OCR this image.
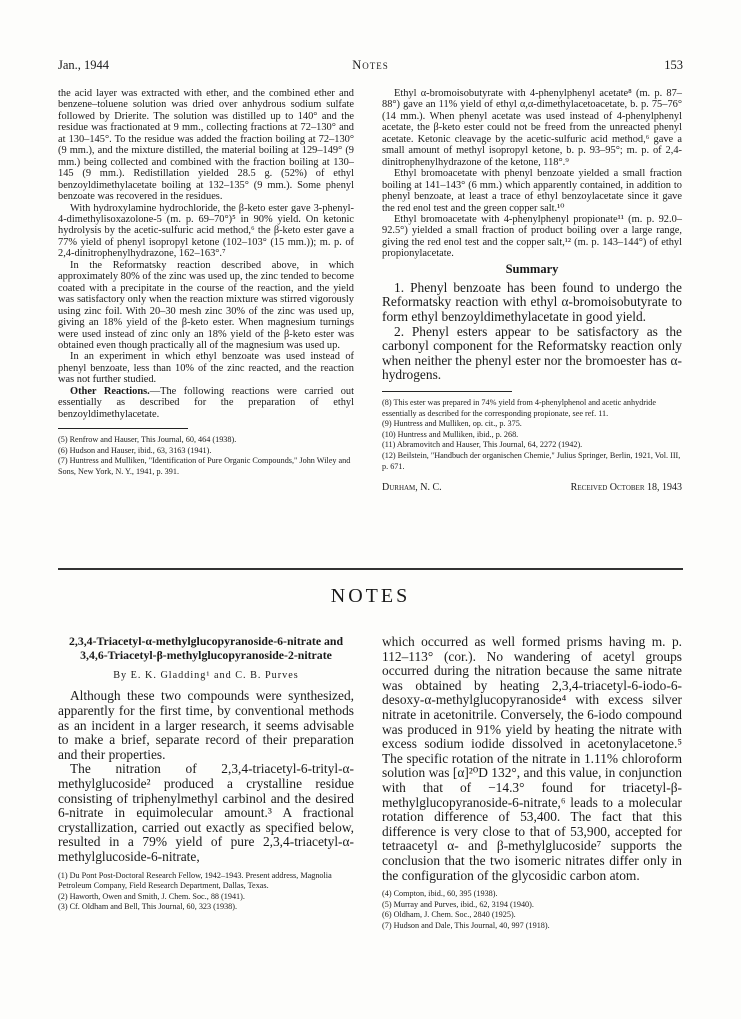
Jan., 1944	Notes	153

the acid layer was extracted with ether, and the combined ether and benzene–toluene solution was dried over anhydrous sodium sulfate followed by Drierite. The solution was distilled up to 140° and the residue was fractionated at 9 mm., collecting fractions at 72–130° and at 130–145°. To the residue was added the fraction boiling at 72–130° (9 mm.), and the mixture distilled, the material boiling at 129–149° (9 mm.) being collected and combined with the fraction boiling at 130–145 (9 mm.). Redistillation yielded 28.5 g. (52%) of ethyl benzoyldimethylacetate boiling at 132–135° (9 mm.). Some phenyl benzoate was recovered in the residues.

With hydroxylamine hydrochloride, the β-keto ester gave 3-phenyl-4-dimethylisoxazolone-5 (m. p. 69–70°)⁵ in 90% yield. On ketonic hydrolysis by the acetic-sulfuric acid method,⁶ the β-keto ester gave a 77% yield of phenyl isopropyl ketone (102–103° (15 mm.)); m. p. of 2,4-dinitrophenylhydrazone, 162–163°.⁷

In the Reformatsky reaction described above, in which approximately 80% of the zinc was used up, the zinc tended to become coated with a precipitate in the course of the reaction, and the yield was satisfactory only when the reaction mixture was stirred vigorously using zinc foil. With 20–30 mesh zinc 30% of the zinc was used up, giving an 18% yield of the β-keto ester. When magnesium turnings were used instead of zinc only an 18% yield of the β-keto ester was obtained even though practically all of the magnesium was used up.

In an experiment in which ethyl benzoate was used instead of phenyl benzoate, less than 10% of the zinc reacted, and the reaction was not further studied.

Other Reactions.—The following reactions were carried out essentially as described for the preparation of ethyl benzoyldimethylacetate.

(5) Renfrow and Hauser, This Journal, 60, 464 (1938).

(6) Hudson and Hauser, ibid., 63, 3163 (1941).

(7) Huntress and Mulliken, "Identification of Pure Organic Compounds," John Wiley and Sons, New York, N. Y., 1941, p. 391.

Ethyl α-bromoisobutyrate with 4-phenylphenyl acetate⁸ (m. p. 87–88°) gave an 11% yield of ethyl α,α-dimethylacetoacetate, b. p. 75–76° (14 mm.). When phenyl acetate was used instead of 4-phenylphenyl acetate, the β-keto ester could not be freed from the unreacted phenyl acetate. Ketonic cleavage by the acetic-sulfuric acid method,⁶ gave a small amount of methyl isopropyl ketone, b. p. 93–95°; m. p. of 2,4-dinitrophenylhydrazone of the ketone, 118°.⁹

Ethyl bromoacetate with phenyl benzoate yielded a small fraction boiling at 141–143° (6 mm.) which apparently contained, in addition to phenyl benzoate, at least a trace of ethyl benzoylacetate since it gave the red enol test and the green copper salt.¹⁰

Ethyl bromoacetate with 4-phenylphenyl propionate¹¹ (m. p. 92.0–92.5°) yielded a small fraction of product boiling over a large range, giving the red enol test and the copper salt,¹² (m. p. 143–144°) of ethyl propionylacetate.

Summary

1. Phenyl benzoate has been found to undergo the Reformatsky reaction with ethyl α-bromoisobutyrate to form ethyl benzoyldimethylacetate in good yield.

2. Phenyl esters appear to be satisfactory as the carbonyl component for the Reformatsky reaction only when neither the phenyl ester nor the bromoester has α-hydrogens.

(8) This ester was prepared in 74% yield from 4-phenylphenol and acetic anhydride essentially as described for the corresponding propionate, see ref. 11.

(9) Huntress and Mulliken, op. cit., p. 375.

(10) Huntress and Mulliken, ibid., p. 268.

(11) Abramovitch and Hauser, This Journal, 64, 2272 (1942).

(12) Beilstein, "Handbuch der organischen Chemie," Julius Springer, Berlin, 1921, Vol. III, p. 671.

Durham, N. C.	Received October 18, 1943
NOTES
2,3,4-Triacetyl-α-methylglucopyranoside-6-nitrate and 3,4,6-Triacetyl-β-methylglucopyranoside-2-nitrate
By E. K. Gladding¹ and C. B. Purves

Although these two compounds were synthesized, apparently for the first time, by conventional methods as an incident in a larger research, it seems advisable to make a brief, separate record of their preparation and their properties.

The nitration of 2,3,4-triacetyl-6-trityl-α-methylglucoside² produced a crystalline residue consisting of triphenylmethyl carbinol and the desired 6-nitrate in equimolecular amount.³ A fractional crystallization, carried out exactly as specified below, resulted in a 79% yield of pure 2,3,4-triacetyl-α-methylglucoside-6-nitrate,

(1) Du Pont Post-Doctoral Research Fellow, 1942–1943. Present address, Magnolia Petroleum Company, Field Research Department, Dallas, Texas.

(2) Haworth, Owen and Smith, J. Chem. Soc., 88 (1941).

(3) Cf. Oldham and Bell, This Journal, 60, 323 (1938).

which occurred as well formed prisms having m. p. 112–113° (cor.). No wandering of acetyl groups occurred during the nitration because the same nitrate was obtained by heating 2,3,4-triacetyl-6-iodo-6-desoxy-α-methylglucopyranoside⁴ with excess silver nitrate in acetonitrile. Conversely, the 6-iodo compound was produced in 91% yield by heating the nitrate with excess sodium iodide dissolved in acetonylacetone.⁵ The specific rotation of the nitrate in 1.11% chloroform solution was [α]²⁰D 132°, and this value, in conjunction with that of −14.3° found for triacetyl-β-methylglucopyranoside-6-nitrate,⁶ leads to a molecular rotation difference of 53,400. The fact that this difference is very close to that of 53,900, accepted for tetraacetyl α- and β-methylglucoside⁷ supports the conclusion that the two isomeric nitrates differ only in the configuration of the glycosidic carbon atom.

(4) Compton, ibid., 60, 395 (1938).

(5) Murray and Purves, ibid., 62, 3194 (1940).

(6) Oldham, J. Chem. Soc., 2840 (1925).

(7) Hudson and Dale, This Journal, 40, 997 (1918).
